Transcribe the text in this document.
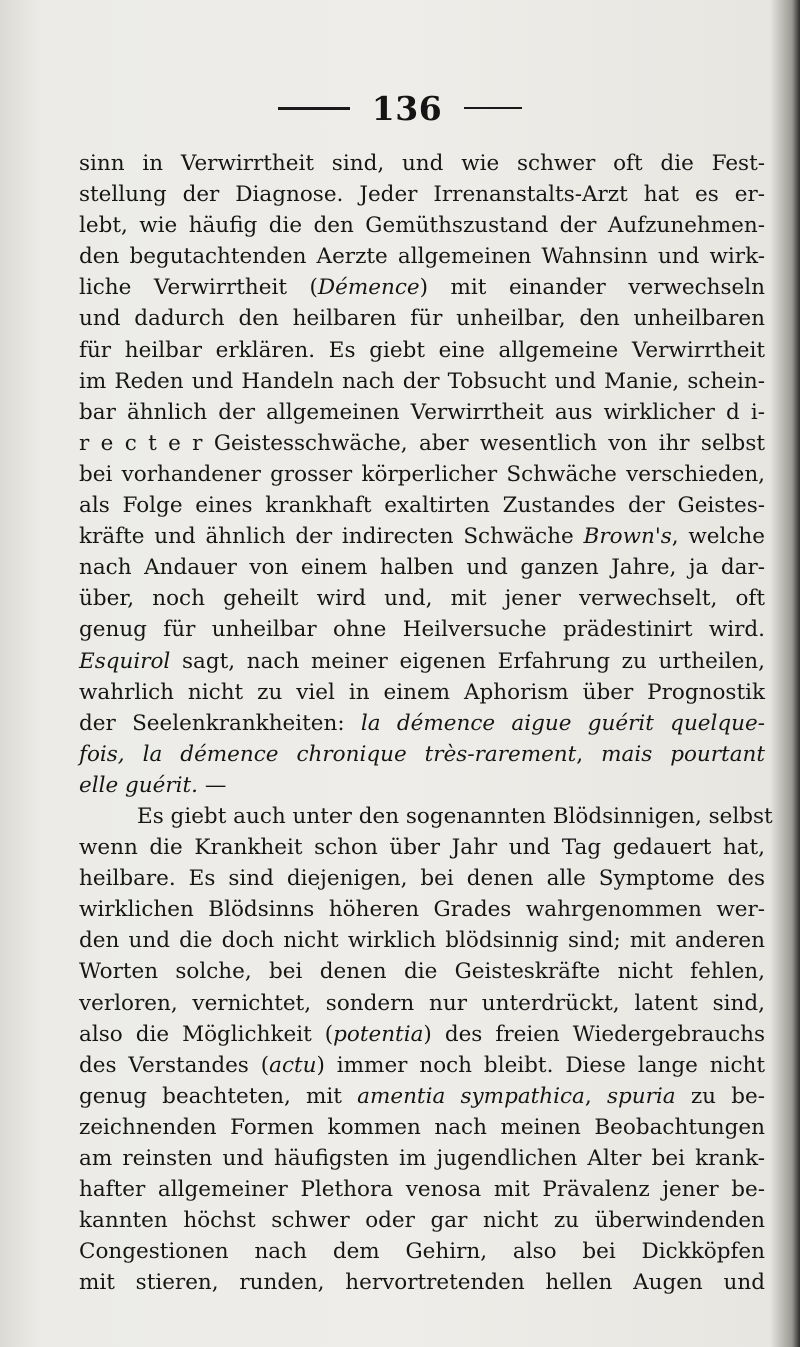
136
sinn in Verwirrtheit sind, und wie schwer oft die Fest-
stellung der Diagnose. Jeder Irrenanstalts-Arzt hat es er-
lebt, wie häufig die den Gemüthszustand der Aufzunehmen-
den begutachtenden Aerzte allgemeinen Wahnsinn und wirk-
liche Verwirrtheit (Démence) mit einander verwechseln
und dadurch den heilbaren für unheilbar, den unheilbaren
für heilbar erklären. Es giebt eine allgemeine Verwirrtheit
im Reden und Handeln nach der Tobsucht und Manie, schein-
bar ähnlich der allgemeinen Verwirrtheit aus wirklicher d i-
r e c t e r Geistesschwäche, aber wesentlich von ihr selbst
bei vorhandener grosser körperlicher Schwäche verschieden,
als Folge eines krankhaft exaltirten Zustandes der Geistes-
kräfte und ähnlich der indirecten Schwäche Brown's, welche
nach Andauer von einem halben und ganzen Jahre, ja dar-
über, noch geheilt wird und, mit jener verwechselt, oft
genug für unheilbar ohne Heilversuche prädestinirt wird.
Esquirol sagt, nach meiner eigenen Erfahrung zu urtheilen,
wahrlich nicht zu viel in einem Aphorism über Prognostik
der Seelenkrankheiten: la démence aigue guérit quelque-
fois, la démence chronique très-rarement, mais pourtant
elle guérit. —
Es giebt auch unter den sogenannten Blödsinnigen, selbst
wenn die Krankheit schon über Jahr und Tag gedauert hat,
heilbare. Es sind diejenigen, bei denen alle Symptome des
wirklichen Blödsinns höheren Grades wahrgenommen wer-
den und die doch nicht wirklich blödsinnig sind; mit anderen
Worten solche, bei denen die Geisteskräfte nicht fehlen,
verloren, vernichtet, sondern nur unterdrückt, latent sind,
also die Möglichkeit (potentia) des freien Wiedergebrauchs
des Verstandes (actu) immer noch bleibt. Diese lange nicht
genug beachteten, mit amentia sympathica, spuria zu be-
zeichnenden Formen kommen nach meinen Beobachtungen
am reinsten und häufigsten im jugendlichen Alter bei krank-
hafter allgemeiner Plethora venosa mit Prävalenz jener be-
kannten höchst schwer oder gar nicht zu überwindenden
Congestionen nach dem Gehirn, also bei Dickköpfen
mit stieren, runden, hervortretenden hellen Augen und
